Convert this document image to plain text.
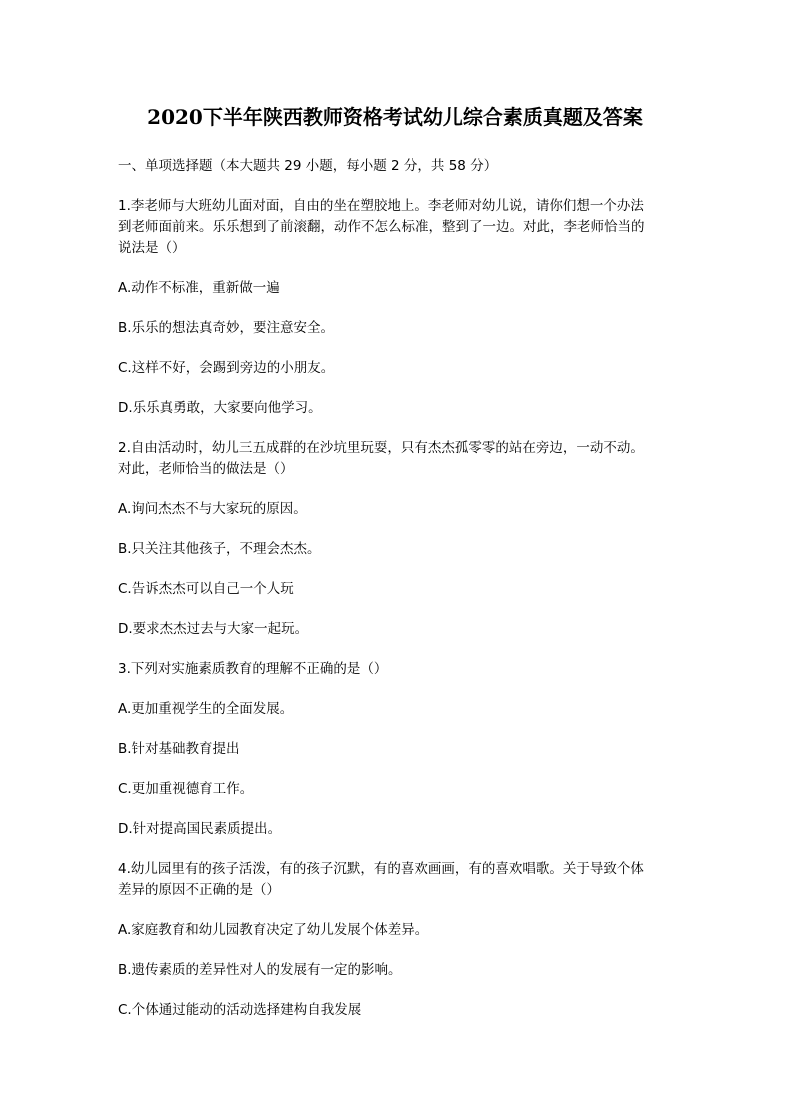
2020下半年陕西教师资格考试幼儿综合素质真题及答案

一、单项选择题（本大题共 29 小题，每小题 2 分，共 58 分）

1.李老师与大班幼儿面对面，自由的坐在塑胶地上。李老师对幼儿说，请你们想一个办法
到老师面前来。乐乐想到了前滚翻，动作不怎么标准，整到了一边。对此，李老师恰当的
说法是（）

A.动作不标准，重新做一遍

B.乐乐的想法真奇妙，要注意安全。

C.这样不好，会踢到旁边的小朋友。

D.乐乐真勇敢，大家要向他学习。

2.自由活动时，幼儿三五成群的在沙坑里玩耍，只有杰杰孤零零的站在旁边，一动不动。
对此，老师恰当的做法是（）

A.询问杰杰不与大家玩的原因。

B.只关注其他孩子，不理会杰杰。

C.告诉杰杰可以自己一个人玩

D.要求杰杰过去与大家一起玩。

3.下列对实施素质教育的理解不正确的是（）

A.更加重视学生的全面发展。

B.针对基础教育提出

C.更加重视德育工作。

D.针对提高国民素质提出。

4.幼儿园里有的孩子活泼，有的孩子沉默，有的喜欢画画，有的喜欢唱歌。关于导致个体
差异的原因不正确的是（）

A.家庭教育和幼儿园教育决定了幼儿发展个体差异。

B.遗传素质的差异性对人的发展有一定的影响。

C.个体通过能动的活动选择建构自我发展
